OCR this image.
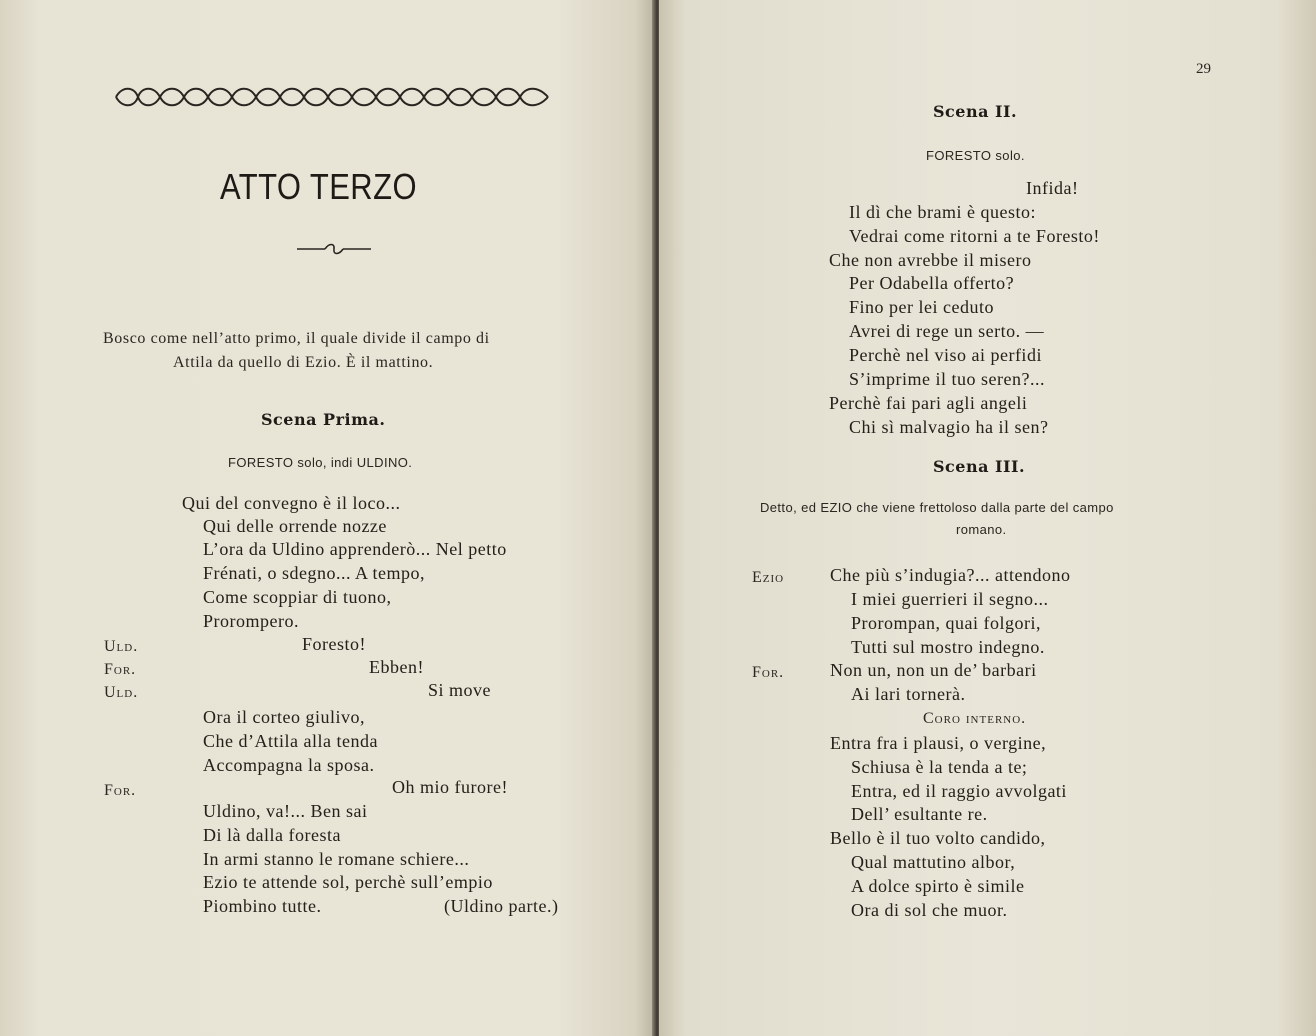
ATTO TERZO
Bosco come nell’atto primo, il quale divide il campo di
Attila da quello di Ezio. È il mattino.
Scena Prima.
FORESTO solo, indi ULDINO.
Qui del convegno è il loco...
Qui delle orrende nozze
L’ora da Uldino apprenderò... Nel petto
Frénati, o sdegno... A tempo,
Come scoppiar di tuono,
Prorompero.
Uld.	Foresto!
For.	Ebben!
Uld.	Si move
Ora il corteo giulivo,
Che d’Attila alla tenda
Accompagna la sposa.
For.	Oh mio furore!
Uldino, va!... Ben sai
Di là dalla foresta
In armi stanno le romane schiere...
Ezio te attende sol, perchè sull’empio
Piombino tutte.	(Uldino parte.)
29
Scena II.
FORESTO solo.
Infida!
Il dì che brami è questo:
Vedrai come ritorni a te Foresto!
Che non avrebbe il misero
Per Odabella offerto?
Fino per lei ceduto
Avrei di rege un serto. —
Perchè nel viso ai perfidi
S’imprime il tuo seren?...
Perchè fai pari agli angeli
Chi sì malvagio ha il sen?
Scena III.
Detto, ed EZIO che viene frettoloso dalla parte del campo
romano.
Ezio	Che più s’indugia?... attendono
I miei guerrieri il segno...
Prorompan, quai folgori,
Tutti sul mostro indegno.
For.	Non un, non un de’ barbari
Ai lari tornerà.
Coro interno.
Entra fra i plausi, o vergine,
Schiusa è la tenda a te;
Entra, ed il raggio avvolgati
Dell’ esultante re.
Bello è il tuo volto candido,
Qual mattutino albor,
A dolce spirto è simile
Ora di sol che muor.
